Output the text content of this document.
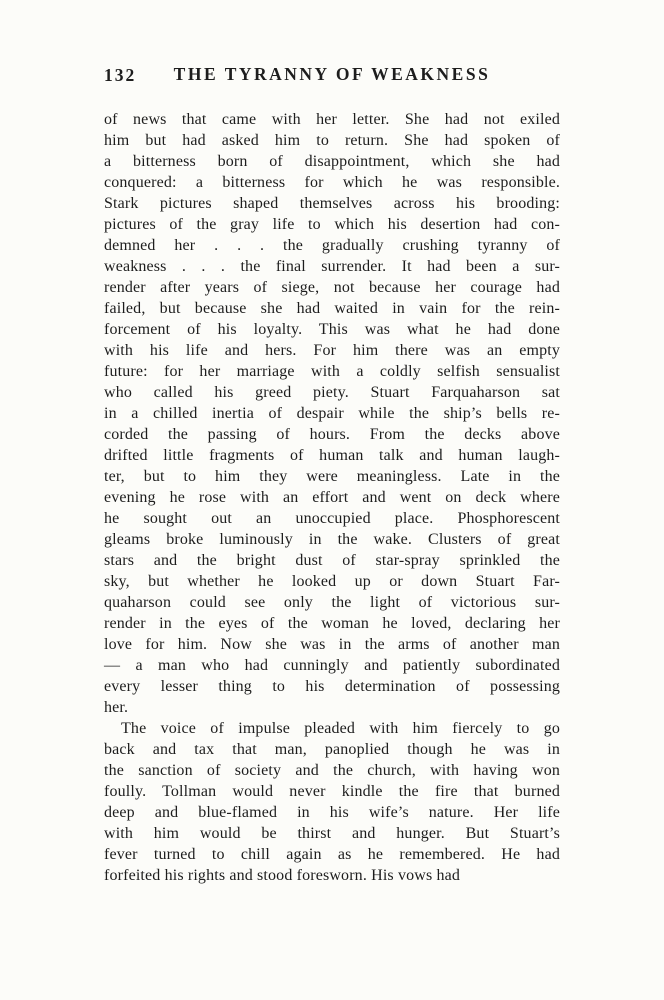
132	THE TYRANNY OF WEAKNESS
of news that came with her letter. She had not exiled
him but had asked him to return. She had spoken of
a bitterness born of disappointment, which she had
conquered: a bitterness for which he was responsible.
Stark pictures shaped themselves across his brooding:
pictures of the gray life to which his desertion had con-
demned her . . . the gradually crushing tyranny of
weakness . . . the final surrender. It had been a sur-
render after years of siege, not because her courage had
failed, but because she had waited in vain for the rein-
forcement of his loyalty. This was what he had done
with his life and hers. For him there was an empty
future: for her marriage with a coldly selfish sensualist
who called his greed piety. Stuart Farquaharson sat
in a chilled inertia of despair while the ship’s bells re-
corded the passing of hours. From the decks above
drifted little fragments of human talk and human laugh-
ter, but to him they were meaningless. Late in the
evening he rose with an effort and went on deck where
he sought out an unoccupied place. Phosphorescent
gleams broke luminously in the wake. Clusters of great
stars and the bright dust of star-spray sprinkled the
sky, but whether he looked up or down Stuart Far-
quaharson could see only the light of victorious sur-
render in the eyes of the woman he loved, declaring her
love for him. Now she was in the arms of another man
— a man who had cunningly and patiently subordinated
every lesser thing to his determination of possessing
her.
The voice of impulse pleaded with him fiercely to go
back and tax that man, panoplied though he was in
the sanction of society and the church, with having won
foully. Tollman would never kindle the fire that burned
deep and blue-flamed in his wife’s nature. Her life
with him would be thirst and hunger. But Stuart’s
fever turned to chill again as he remembered. He had
forfeited his rights and stood foresworn. His vows had
